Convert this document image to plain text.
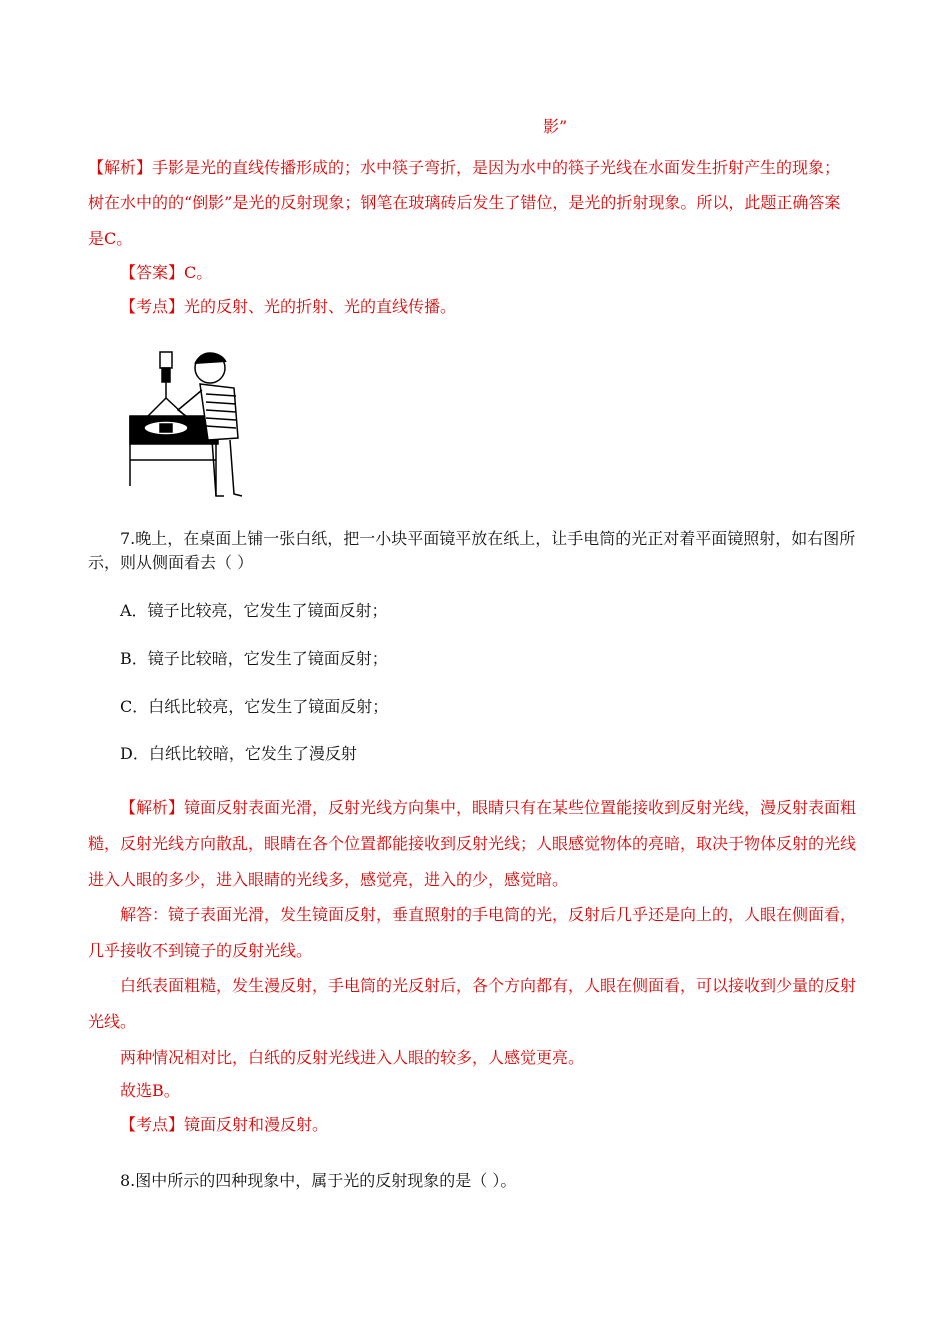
影”
【解析】手影是光的直线传播形成的；水中筷子弯折，是因为水中的筷子光线在水面发生折射产生的现象；
树在水中的的“倒影”是光的反射现象；钢笔在玻璃砖后发生了错位，是光的折射现象。所以，此题正确答案
是C。
【答案】C。
【考点】光的反射、光的折射、光的直线传播。
7.晚上，在桌面上铺一张白纸，把一小块平面镜平放在纸上，让手电筒的光正对着平面镜照射，如右图所
示，则从侧面看去（ ）
A．镜子比较亮，它发生了镜面反射；
B．镜子比较暗，它发生了镜面反射；
C．白纸比较亮，它发生了镜面反射；
D．白纸比较暗，它发生了漫反射
【解析】镜面反射表面光滑，反射光线方向集中，眼睛只有在某些位置能接收到反射光线，漫反射表面粗
糙，反射光线方向散乱，眼睛在各个位置都能接收到反射光线；人眼感觉物体的亮暗，取决于物体反射的光线
进入人眼的多少，进入眼睛的光线多，感觉亮，进入的少，感觉暗。
解答：镜子表面光滑，发生镜面反射，垂直照射的手电筒的光，反射后几乎还是向上的，人眼在侧面看，
几乎接收不到镜子的反射光线。
白纸表面粗糙，发生漫反射，手电筒的光反射后，各个方向都有，人眼在侧面看，可以接收到少量的反射
光线。
两种情况相对比，白纸的反射光线进入人眼的较多，人感觉更亮。
故选B。
【考点】镜面反射和漫反射。
8.图中所示的四种现象中，属于光的反射现象的是（ ）。
